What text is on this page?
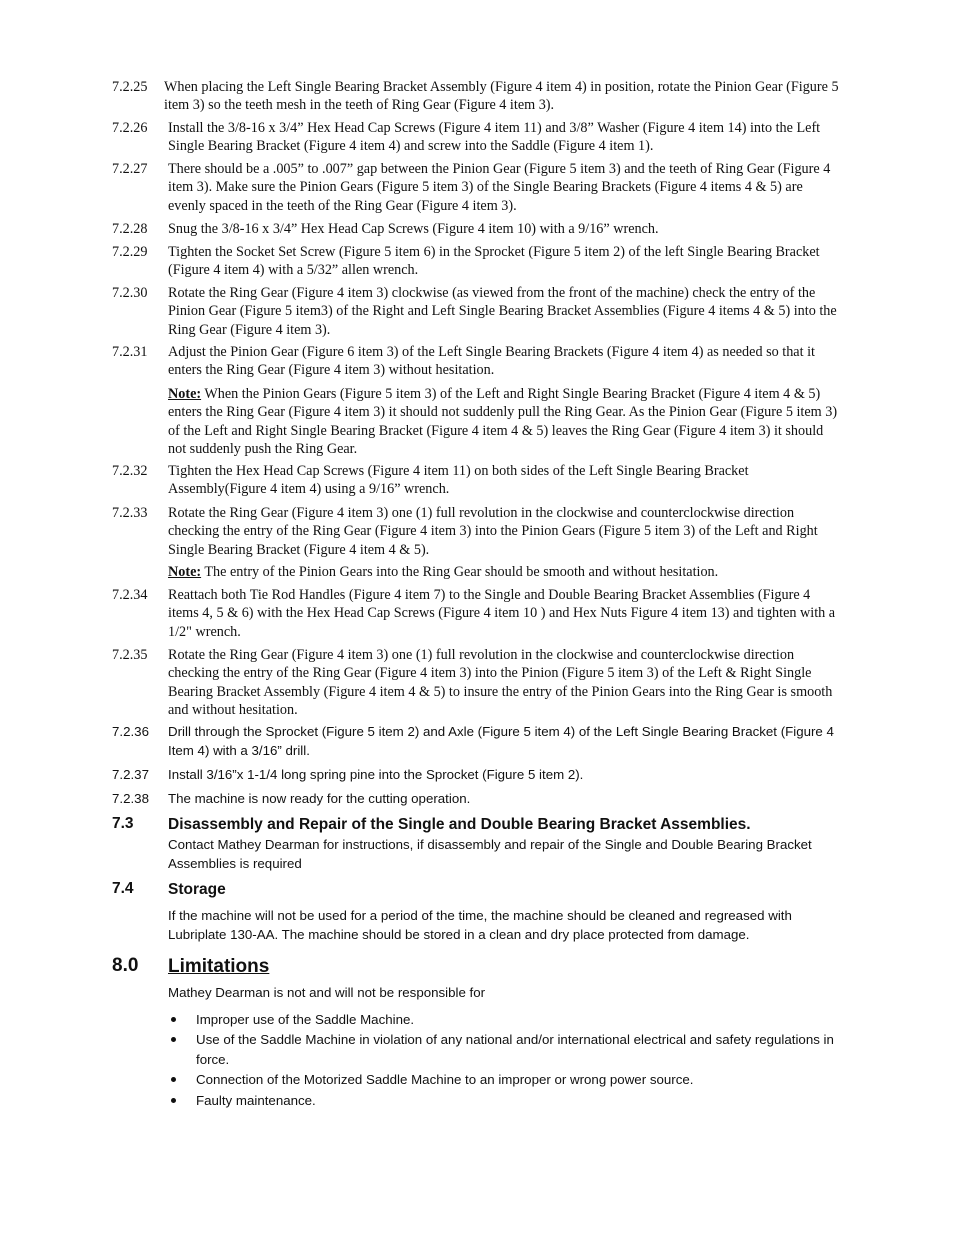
7.2.25 When placing the Left Single Bearing Bracket Assembly (Figure 4 item 4) in position, rotate the Pinion Gear (Figure 5 item 3) so the teeth mesh in the teeth of Ring Gear (Figure 4 item 3).
7.2.26	Install the 3/8-16 x 3/4” Hex Head Cap Screws (Figure 4 item 11) and 3/8” Washer (Figure 4 item 14) into the Left Single Bearing Bracket (Figure 4 item 4) and screw into the Saddle (Figure 4 item 1).
7.2.27	There should be a .005” to .007” gap between the Pinion Gear (Figure 5 item 3) and the teeth of Ring Gear (Figure 4 item 3). Make sure the Pinion Gears (Figure 5 item 3) of the Single Bearing Brackets (Figure 4 items 4 & 5) are evenly spaced in the teeth of the Ring Gear (Figure 4 item 3).
7.2.28	Snug the 3/8-16 x 3/4” Hex Head Cap Screws (Figure 4 item 10) with a 9/16” wrench.
7.2.29	Tighten the Socket Set Screw (Figure 5 item 6) in the Sprocket (Figure 5 item 2) of the left Single Bearing Bracket (Figure 4 item 4) with a 5/32” allen wrench.
7.2.30	Rotate the Ring Gear (Figure 4 item 3) clockwise (as viewed from the front of the machine) check the entry of the Pinion Gear (Figure 5 item3) of the Right and Left Single Bearing Bracket Assemblies (Figure 4 items 4 & 5) into the Ring Gear (Figure 4 item 3).
7.2.31	Adjust the Pinion Gear (Figure 6 item 3) of the Left Single Bearing Brackets (Figure 4 item 4) as needed so that it enters the Ring Gear (Figure 4 item 3) without hesitation.
Note: When the Pinion Gears (Figure 5 item 3) of the Left and Right Single Bearing Bracket (Figure 4 item 4 & 5) enters the Ring Gear (Figure 4 item 3) it should not suddenly pull the Ring Gear. As the Pinion Gear (Figure 5 item 3) of the Left and Right Single Bearing Bracket (Figure 4 item 4 & 5) leaves the Ring Gear (Figure 4 item 3) it should not suddenly push the Ring Gear.
7.2.32	Tighten the Hex Head Cap Screws (Figure 4 item 11) on both sides of the Left Single Bearing Bracket Assembly(Figure 4 item 4) using a 9/16” wrench.
7.2.33	Rotate the Ring Gear (Figure 4 item 3) one (1) full revolution in the clockwise and counterclockwise direction checking the entry of the Ring Gear (Figure 4 item 3) into the Pinion Gears (Figure 5 item 3) of the Left and Right Single Bearing Bracket (Figure 4 item 4 & 5).
Note: The entry of the Pinion Gears into the Ring Gear should be smooth and without hesitation.
7.2.34	Reattach both Tie Rod Handles (Figure 4 item 7) to the Single and Double Bearing Bracket Assemblies (Figure 4 items 4, 5 & 6) with the Hex Head Cap Screws (Figure 4 item 10 ) and Hex Nuts Figure 4 item 13) and tighten with a 1/2" wrench.
7.2.35	Rotate the Ring Gear (Figure 4 item 3) one (1) full revolution in the clockwise and counterclockwise direction checking the entry of the Ring Gear (Figure 4 item 3) into the Pinion (Figure 5 item 3) of the Left & Right Single Bearing Bracket Assembly (Figure 4 item 4 & 5) to insure the entry of the Pinion Gears into the Ring Gear is smooth and without hesitation.
7.2.36	Drill through the Sprocket (Figure 5 item 2) and Axle (Figure 5 item 4) of the Left Single Bearing Bracket (Figure 4 Item 4) with a 3/16” drill.
7.2.37	Install 3/16”x 1-1/4 long spring pine into the Sprocket (Figure 5 item 2).
7.2.38	The machine is now ready for the cutting operation.
7.3 Disassembly and Repair of the Single and Double Bearing Bracket Assemblies.
Contact Mathey Dearman for instructions, if disassembly and repair of the Single and Double Bearing Bracket Assemblies is required
7.4 Storage
If the machine will not be used for a period of the time, the machine should be cleaned and regreased with Lubriplate 130-AA. The machine should be stored in a clean and dry place protected from damage.
8.0 Limitations
Mathey Dearman is not and will not be responsible for
Improper use of the Saddle Machine.
Use of the Saddle Machine in violation of any national and/or international electrical and safety regulations in force.
Connection of the Motorized Saddle Machine to an improper or wrong power source.
Faulty maintenance.
